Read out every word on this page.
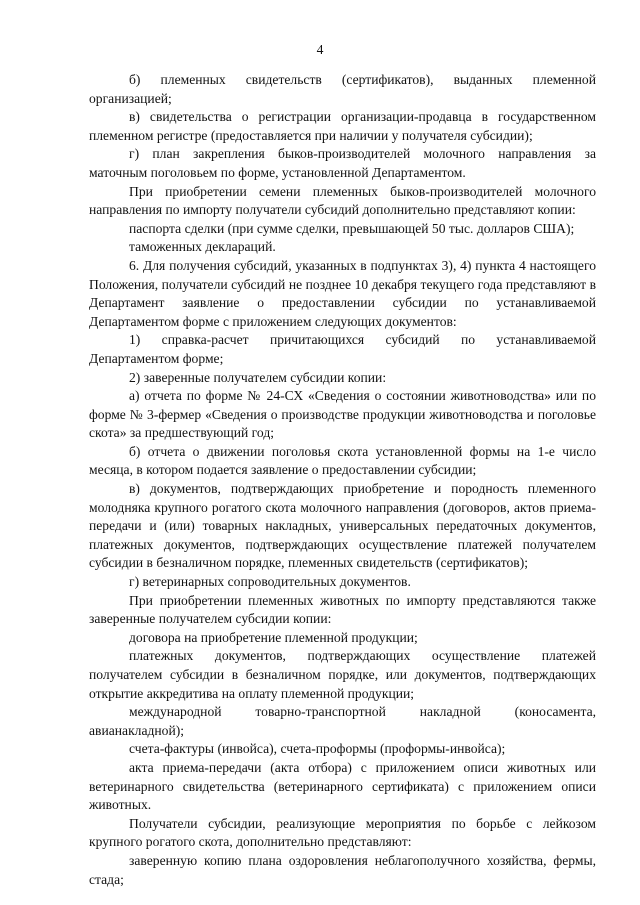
4

б) племенных свидетельств (сертификатов), выданных племенной организацией;

в) свидетельства о регистрации организации-продавца в государственном племенном регистре (предоставляется при наличии у получателя субсидии);

г) план закрепления быков-производителей молочного направления за маточным поголовьем по форме, установленной Департаментом.

При приобретении семени племенных быков-производителей молочного направления по импорту получатели субсидий дополнительно представляют копии:

паспорта сделки (при сумме сделки, превышающей 50 тыс. долларов США);

таможенных деклараций.

6. Для получения субсидий, указанных в подпунктах 3), 4) пункта 4 настоящего Положения, получатели субсидий не позднее 10 декабря текущего года представляют в Департамент заявление о предоставлении субсидии по устанавливаемой Департаментом форме с приложением следующих документов:

1) справка-расчет причитающихся субсидий по устанавливаемой Департаментом форме;

2) заверенные получателем субсидии копии:

а) отчета по форме № 24-СХ «Сведения о состоянии животноводства» или по форме № 3-фермер «Сведения о производстве продукции животноводства и поголовье скота» за предшествующий год;

б) отчета о движении поголовья скота установленной формы на 1-е число месяца, в котором подается заявление о предоставлении субсидии;

в) документов, подтверждающих приобретение и породность племенного молодняка крупного рогатого скота молочного направления (договоров, актов приема-передачи и (или) товарных накладных, универсальных передаточных документов, платежных документов, подтверждающих осуществление платежей получателем субсидии в безналичном порядке, племенных свидетельств (сертификатов);

г) ветеринарных сопроводительных документов.

При приобретении племенных животных по импорту представляются также заверенные получателем субсидии копии:

договора на приобретение племенной продукции;

платежных документов, подтверждающих осуществление платежей получателем субсидии в безналичном порядке, или документов, подтверждающих открытие аккредитива на оплату племенной продукции;

международной товарно-транспортной накладной (коносамента, авианакладной);

счета-фактуры (инвойса), счета-проформы (проформы-инвойса);

акта приема-передачи (акта отбора) с приложением описи животных или ветеринарного свидетельства (ветеринарного сертификата) с приложением описи животных.

Получатели субсидии, реализующие мероприятия по борьбе с лейкозом крупного рогатого скота, дополнительно представляют:

заверенную копию плана оздоровления неблагополучного хозяйства, фермы, стада;
